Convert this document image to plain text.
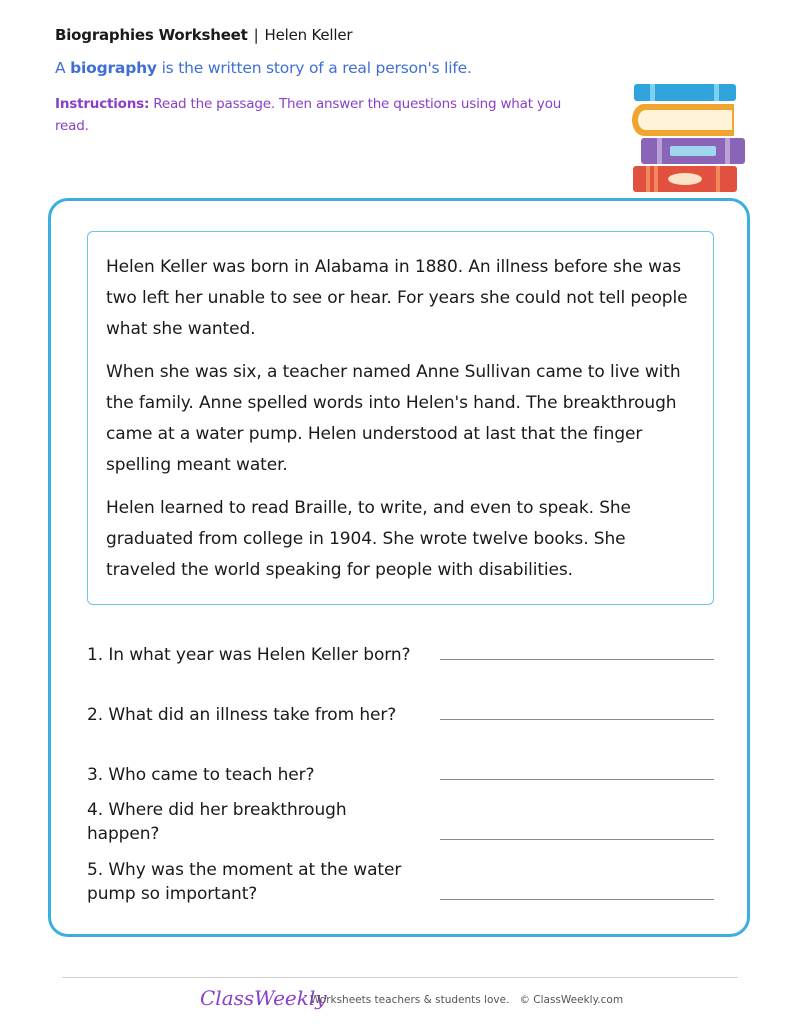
Biographies Worksheet | Helen Keller
A biography is the written story of a real person's life.
Instructions: Read the passage. Then answer the questions using what you read.

Helen Keller was born in Alabama in 1880. An illness before she was two left her unable to see or hear. For years she could not tell people what she wanted.

When she was six, a teacher named Anne Sullivan came to live with the family. Anne spelled words into Helen's hand. The breakthrough came at a water pump. Helen understood at last that the finger spelling meant water.

Helen learned to read Braille, to write, and even to speak. She graduated from college in 1904. She wrote twelve books. She traveled the world speaking for people with disabilities.

1. In what year was Helen Keller born?
2. What did an illness take from her?
3. Who came to teach her?
4. Where did her breakthrough happen?
5. Why was the moment at the water pump so important?
ClassWeekly
Worksheets teachers & students love. © ClassWeekly.com
